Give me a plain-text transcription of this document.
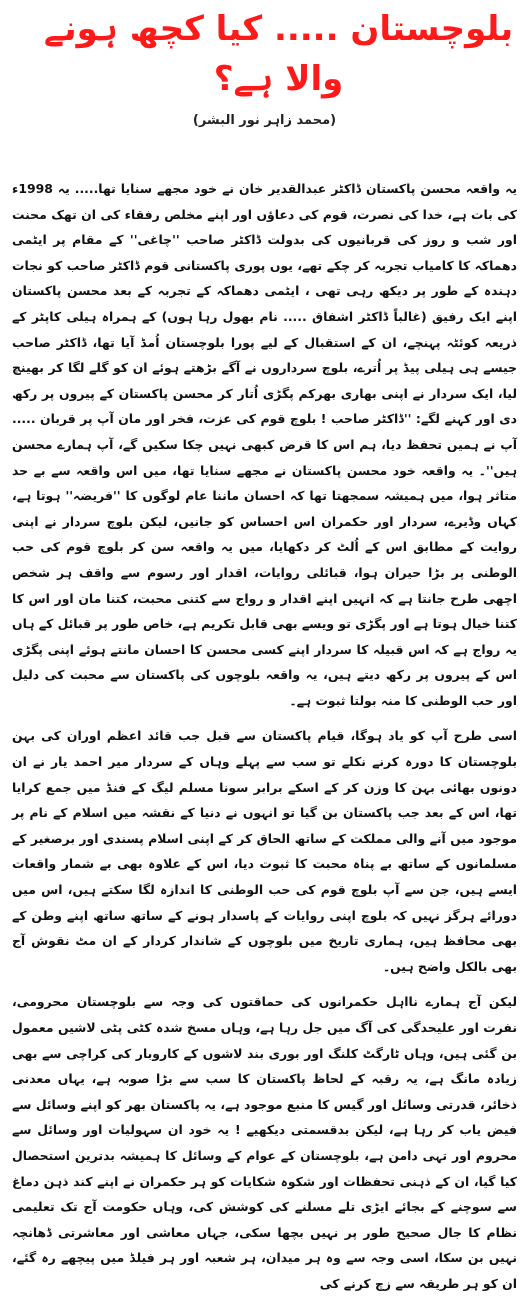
بلوچستان ..... کیا کچھ ہونے والا ہے؟
(محمد زاہر نور البشر)

یہ واقعہ محسن پاکستان ڈاکٹر عبدالقدیر خان نے خود مجھے سنایا تھا..... یہ 1998ء کی بات ہے، خدا کی نصرت، قوم کی دعاؤں اور اپنے مخلص رفقاء کی ان تھک محنت اور شب و روز کی قربانیوں کی بدولت ڈاکٹر صاحب ''چاغی'' کے مقام پر ایٹمی دھماکہ کا کامیاب تجربہ کر چکے تھے، یوں پوری پاکستانی قوم ڈاکٹر صاحب کو نجات دہندہ کے طور پر دیکھ رہی تھی ، ایٹمی دھماکہ کے تجربہ کے بعد محسن پاکستان اپنے ایک رفیق (غالباً ڈاکٹر اشفاق ..... نام بھول رہا ہوں) کے ہمراہ ہیلی کاپٹر کے ذریعہ کوئٹہ پہنچے، ان کے استقبال کے لیے پورا بلوچستان اُمڈ آیا تھا، ڈاکٹر صاحب جیسے ہی ہیلی پیڈ پر اُترے، بلوچ سرداروں نے آگے بڑھتے ہوئے ان کو گلے لگا کر بھینچ لیا، ایک سردار نے اپنی بھاری بھرکم پگڑی اُتار کر محسن پاکستان کے پیروں پر رکھ دی اور کہنے لگے: ''ڈاکٹر صاحب ! بلوچ قوم کی عزت، فخر اور مان آپ پر قربان ..... آپ نے ہمیں تحفظ دیا، ہم اس کا قرض کبھی نہیں چکا سکیں گے، آپ ہمارے محسن ہیں''۔ یہ واقعہ خود محسن پاکستان نے مجھے سنایا تھا، میں اس واقعہ سے بے حد متاثر ہوا، میں ہمیشہ سمجھتا تھا کہ احسان ماننا عام لوگوں کا ''فریضہ'' ہوتا ہے، کہاں وڈیرے، سردار اور حکمران اس احساس کو جانیں، لیکن بلوچ سردار نے اپنی روایت کے مطابق اس کے اُلٹ کر دکھایا، میں یہ واقعہ سن کر بلوچ قوم کی حب الوطنی پر بڑا حیران ہوا، قبائلی روایات، اقدار اور رسوم سے واقف ہر شخص اچھی طرح جانتا ہے کہ انہیں اپنے اقدار و رواج سے کتنی محبت، کتنا مان اور اس کا کتنا خیال ہوتا ہے اور پگڑی تو ویسے بھی قابل تکریم ہے، خاص طور پر قبائل کے ہاں یہ رواج ہے کہ اس قبیلہ کا سردار اپنے کسی محسن کا احسان مانتے ہوئے اپنی پگڑی اس کے پیروں پر رکھ دیتے ہیں، یہ واقعہ بلوچوں کی پاکستان سے محبت کی دلیل اور حب الوطنی کا منہ بولتا ثبوت ہے۔

اسی طرح آپ کو یاد ہوگا، قیام پاکستان سے قبل جب قائد اعظم اوران کی بہن بلوچستان کا دورہ کرنے نکلے تو سب سے پہلے وہاں کے سردار میر احمد یار نے ان دونوں بھائی بہن کا وزن کر کے اسکے برابر سونا مسلم لیگ کے فنڈ میں جمع کرایا تھا، اس کے بعد جب پاکستان بن گیا تو انہوں نے دنیا کے نقشہ میں اسلام کے نام پر موجود میں آنے والی مملکت کے ساتھ الحاق کر کے اپنی اسلام پسندی اور برصغیر کے مسلمانوں کے ساتھ بے پناہ محبت کا ثبوت دیا، اس کے علاوہ بھی بے شمار واقعات ایسے ہیں، جن سے آپ بلوچ قوم کی حب الوطنی کا اندازہ لگا سکتے ہیں، اس میں دورائے ہرگز نہیں کہ بلوچ اپنی روایات کے پاسدار ہونے کے ساتھ ساتھ اپنے وطن کے بھی محافظ ہیں، ہماری تاریخ میں بلوچوں کے شاندار کردار کے ان مٹ نقوش آج بھی بالکل واضح ہیں۔

لیکن آج ہمارے نااہل حکمرانوں کی حماقتوں کی وجہ سے بلوچستان محرومی، نفرت اور علیحدگی کی آگ میں جل رہا ہے، وہاں مسخ شدہ کٹی پٹی لاشیں معمول بن گئی ہیں، وہاں ٹارگٹ کلنگ اور بوری بند لاشوں کے کاروبار کی کراچی سے بھی زیادہ مانگ ہے، یہ رقبہ کے لحاظ پاکستان کا سب سے بڑا صوبہ ہے، یہاں معدنی ذخائر، قدرتی وسائل اور گیس کا منبع موجود ہے، یہ پاکستان بھر کو اپنے وسائل سے فیض یاب کر رہا ہے، لیکن بدقسمتی دیکھیے ! یہ خود ان سہولیات اور وسائل سے محروم اور تہی دامن ہے، بلوچستان کے عوام کے وسائل کا ہمیشہ بدترین استحصال کیا گیا، ان کے ذہنی تحفظات اور شکوہ شکایات کو ہر حکمران نے اپنے کند ذہن دماغ سے سوچنے کے بجائے ایڑی تلے مسلنے کی کوشش کی، وہاں حکومت آج تک تعلیمی نظام کا جال صحیح طور پر نہیں بچھا سکی، جہاں معاشی اور معاشرتی ڈھانچہ نہیں بن سکا، اسی وجہ سے وہ ہر میدان، ہر شعبہ اور ہر فیلڈ میں پیچھے رہ گئے، ان کو ہر طریقہ سے زچ کرنے کی
